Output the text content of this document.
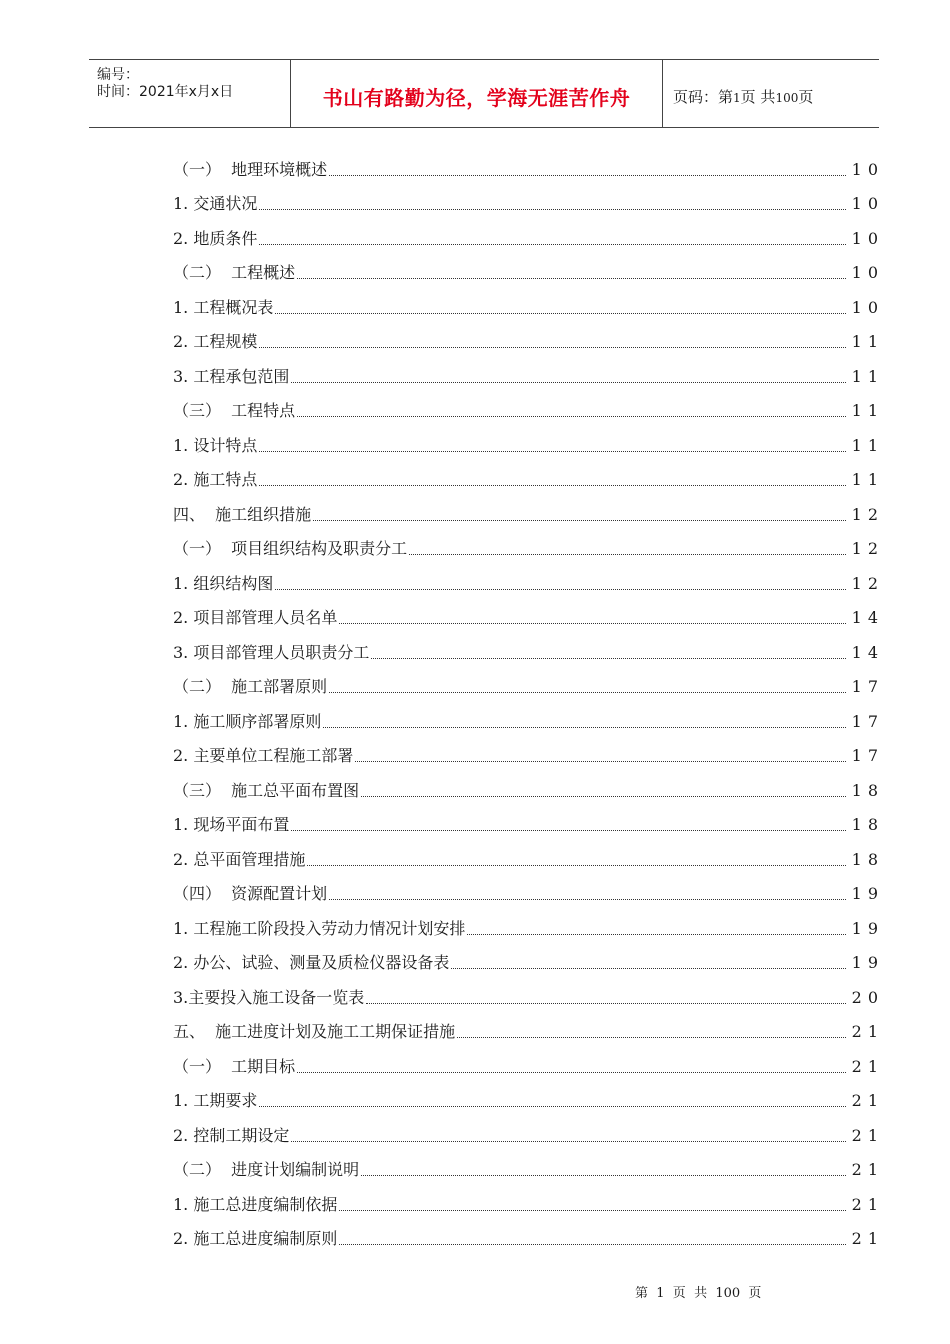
编号：
时间：2021年x月x日	书山有路勤为径，学海无涯苦作舟	页码：第1页 共100页
（一）  地理环境概述	10
1. 交通状况	10
2. 地质条件	10
（二）  工程概述	10
1. 工程概况表	10
2. 工程规模	11
3. 工程承包范围	11
（三）  工程特点	11
1. 设计特点	11
2. 施工特点	11
四、  施工组织措施	12
（一）  项目组织结构及职责分工	12
1. 组织结构图	12
2. 项目部管理人员名单	14
3. 项目部管理人员职责分工	14
（二）  施工部署原则	17
1. 施工顺序部署原则	17
2. 主要单位工程施工部署	17
（三）  施工总平面布置图	18
1. 现场平面布置	18
2. 总平面管理措施	18
（四）  资源配置计划	19
1. 工程施工阶段投入劳动力情况计划安排	19
2. 办公、试验、测量及质检仪器设备表	19
3.主要投入施工设备一览表	20
五、  施工进度计划及施工工期保证措施	21
（一）  工期目标	21
1. 工期要求	21
2. 控制工期设定	21
（二）  进度计划编制说明	21
1. 施工总进度编制依据	21
2. 施工总进度编制原则	21
第  1  页  共  100  页
